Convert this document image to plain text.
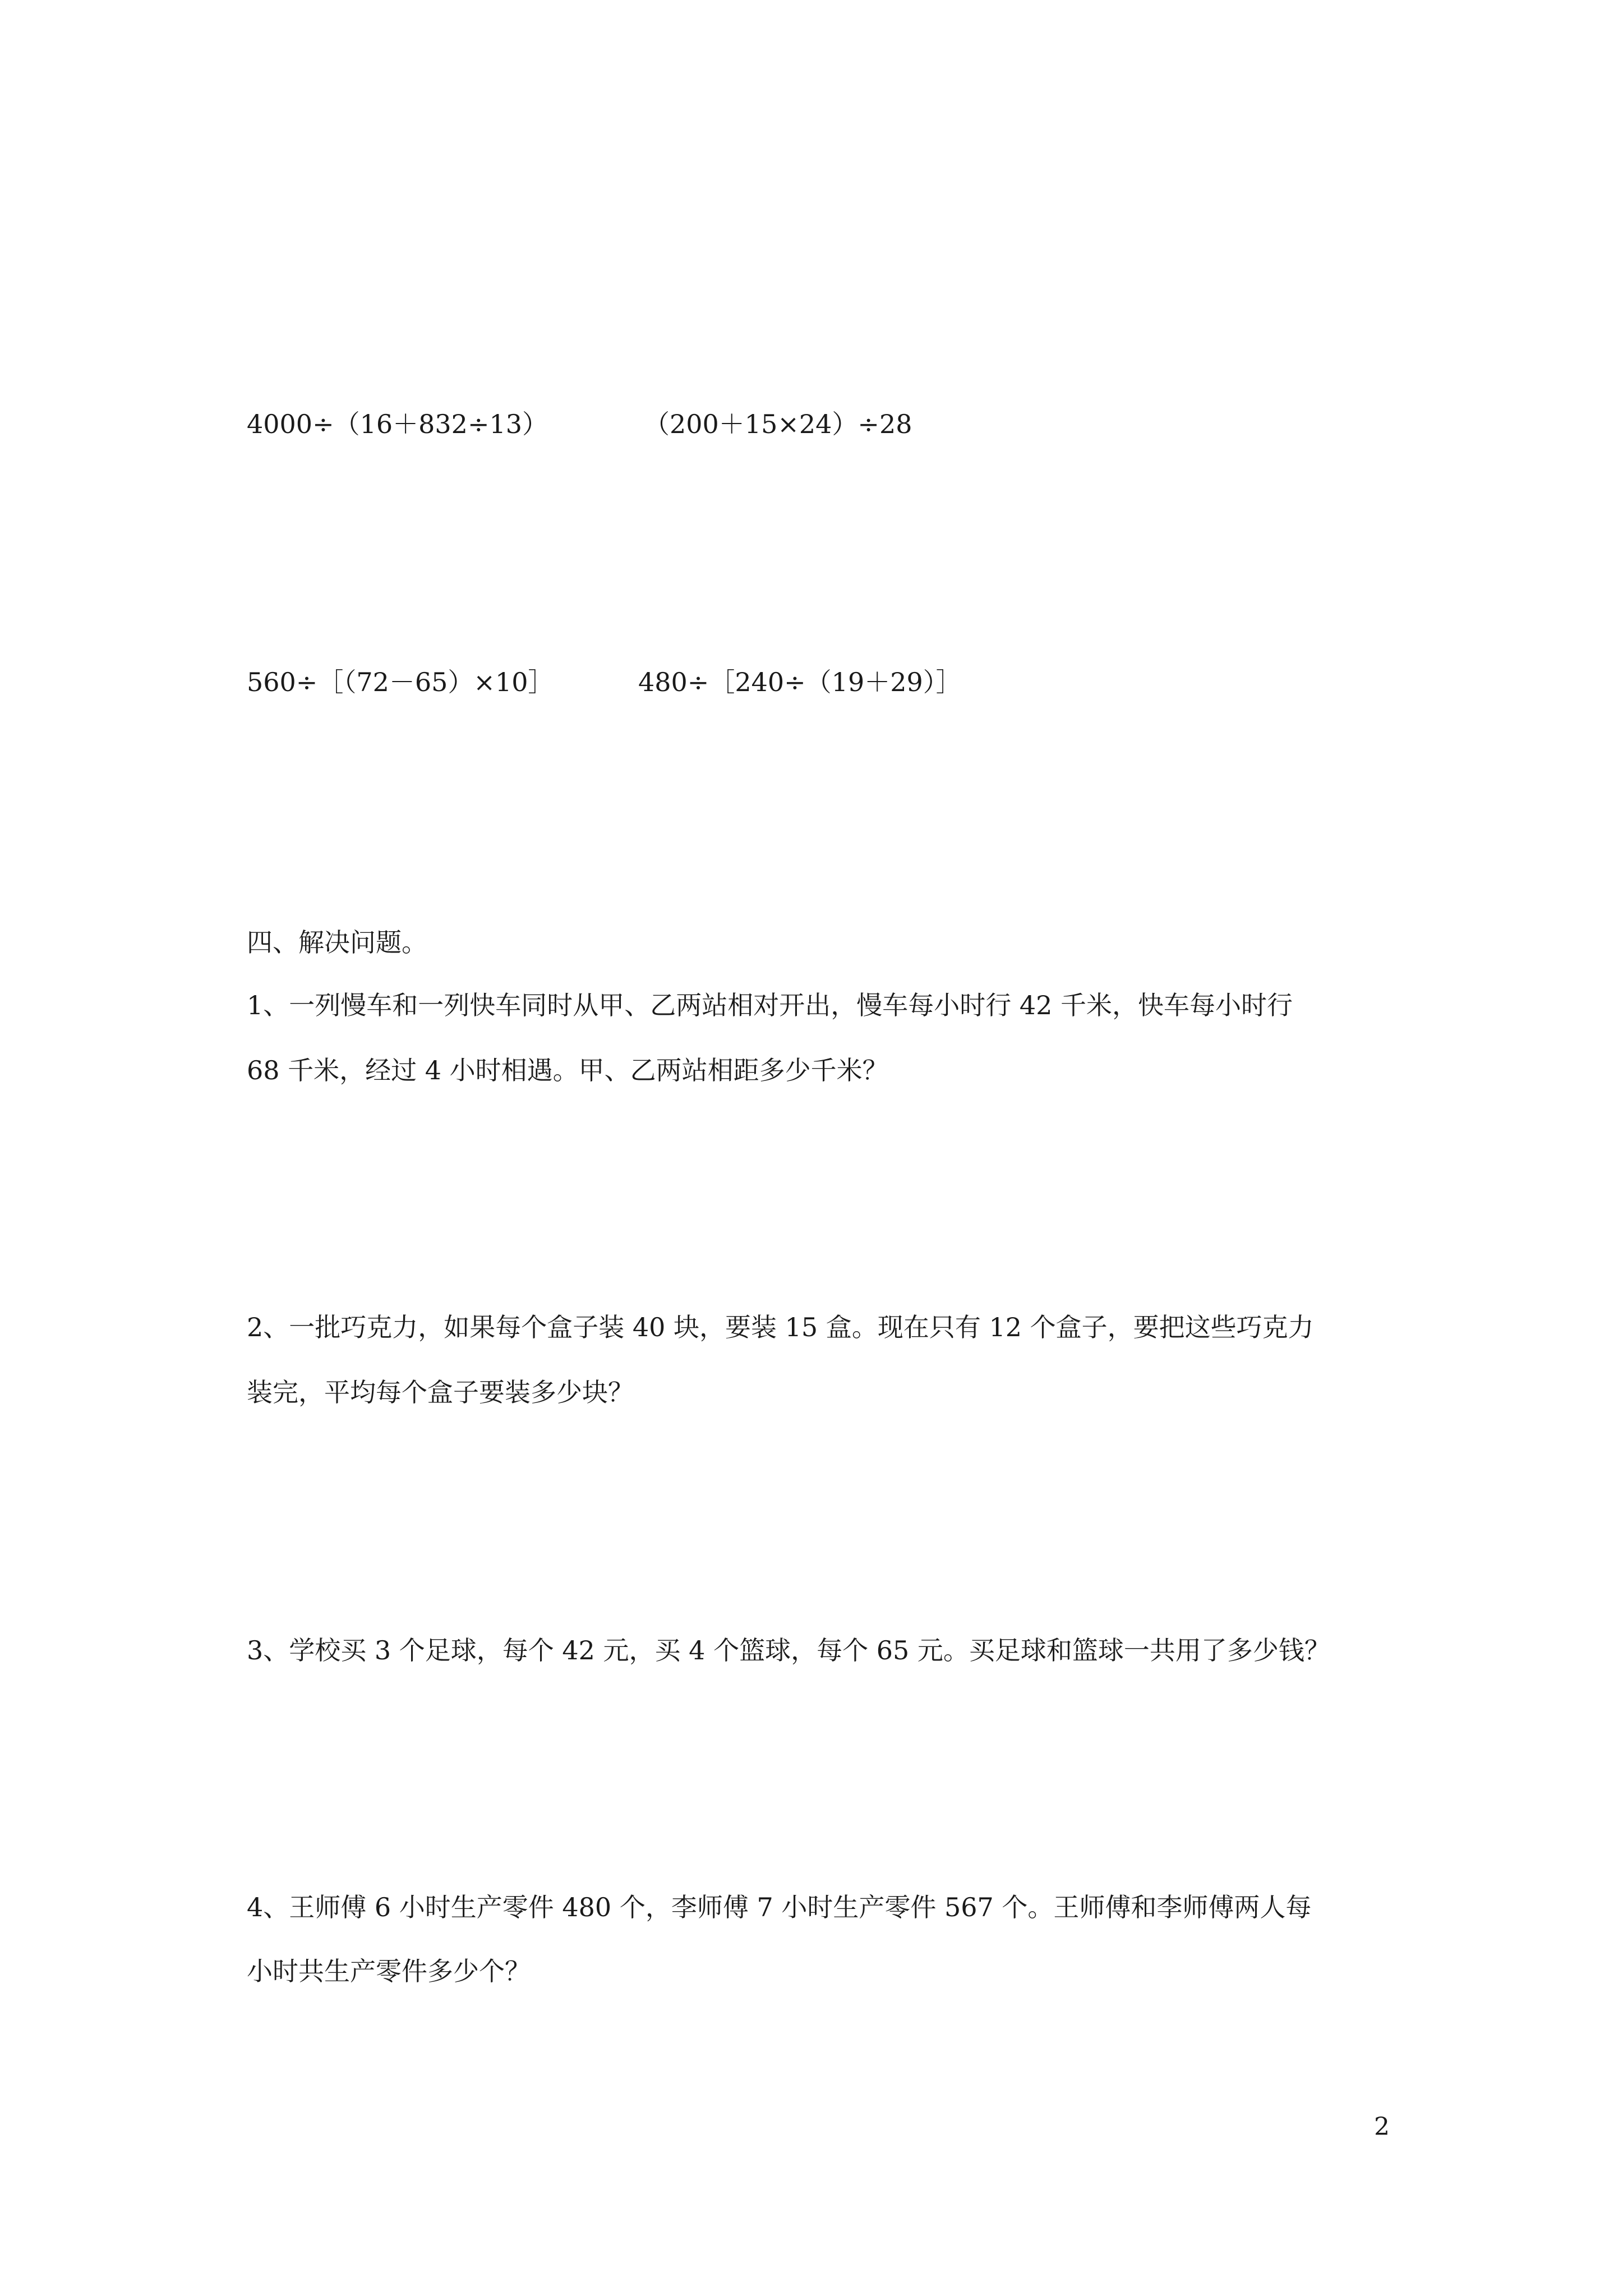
4000÷（16＋832÷13）	（200＋15×24）÷28

560÷［（72－65）×10］	480÷［240÷（19＋29）］

四、解决问题。

1、一列慢车和一列快车同时从甲、乙两站相对开出，慢车每小时行 42 千米，快车每小时行

68 千米，经过 4 小时相遇。甲、乙两站相距多少千米？

2、一批巧克力，如果每个盒子装 40 块，要装 15 盒。现在只有 12 个盒子，要把这些巧克力

装完，平均每个盒子要装多少块？

3、学校买 3 个足球，每个 42 元，买 4 个篮球，每个 65 元。买足球和篮球一共用了多少钱？

4、王师傅 6 小时生产零件 480 个，李师傅 7 小时生产零件 567 个。王师傅和李师傅两人每

小时共生产零件多少个？

2
